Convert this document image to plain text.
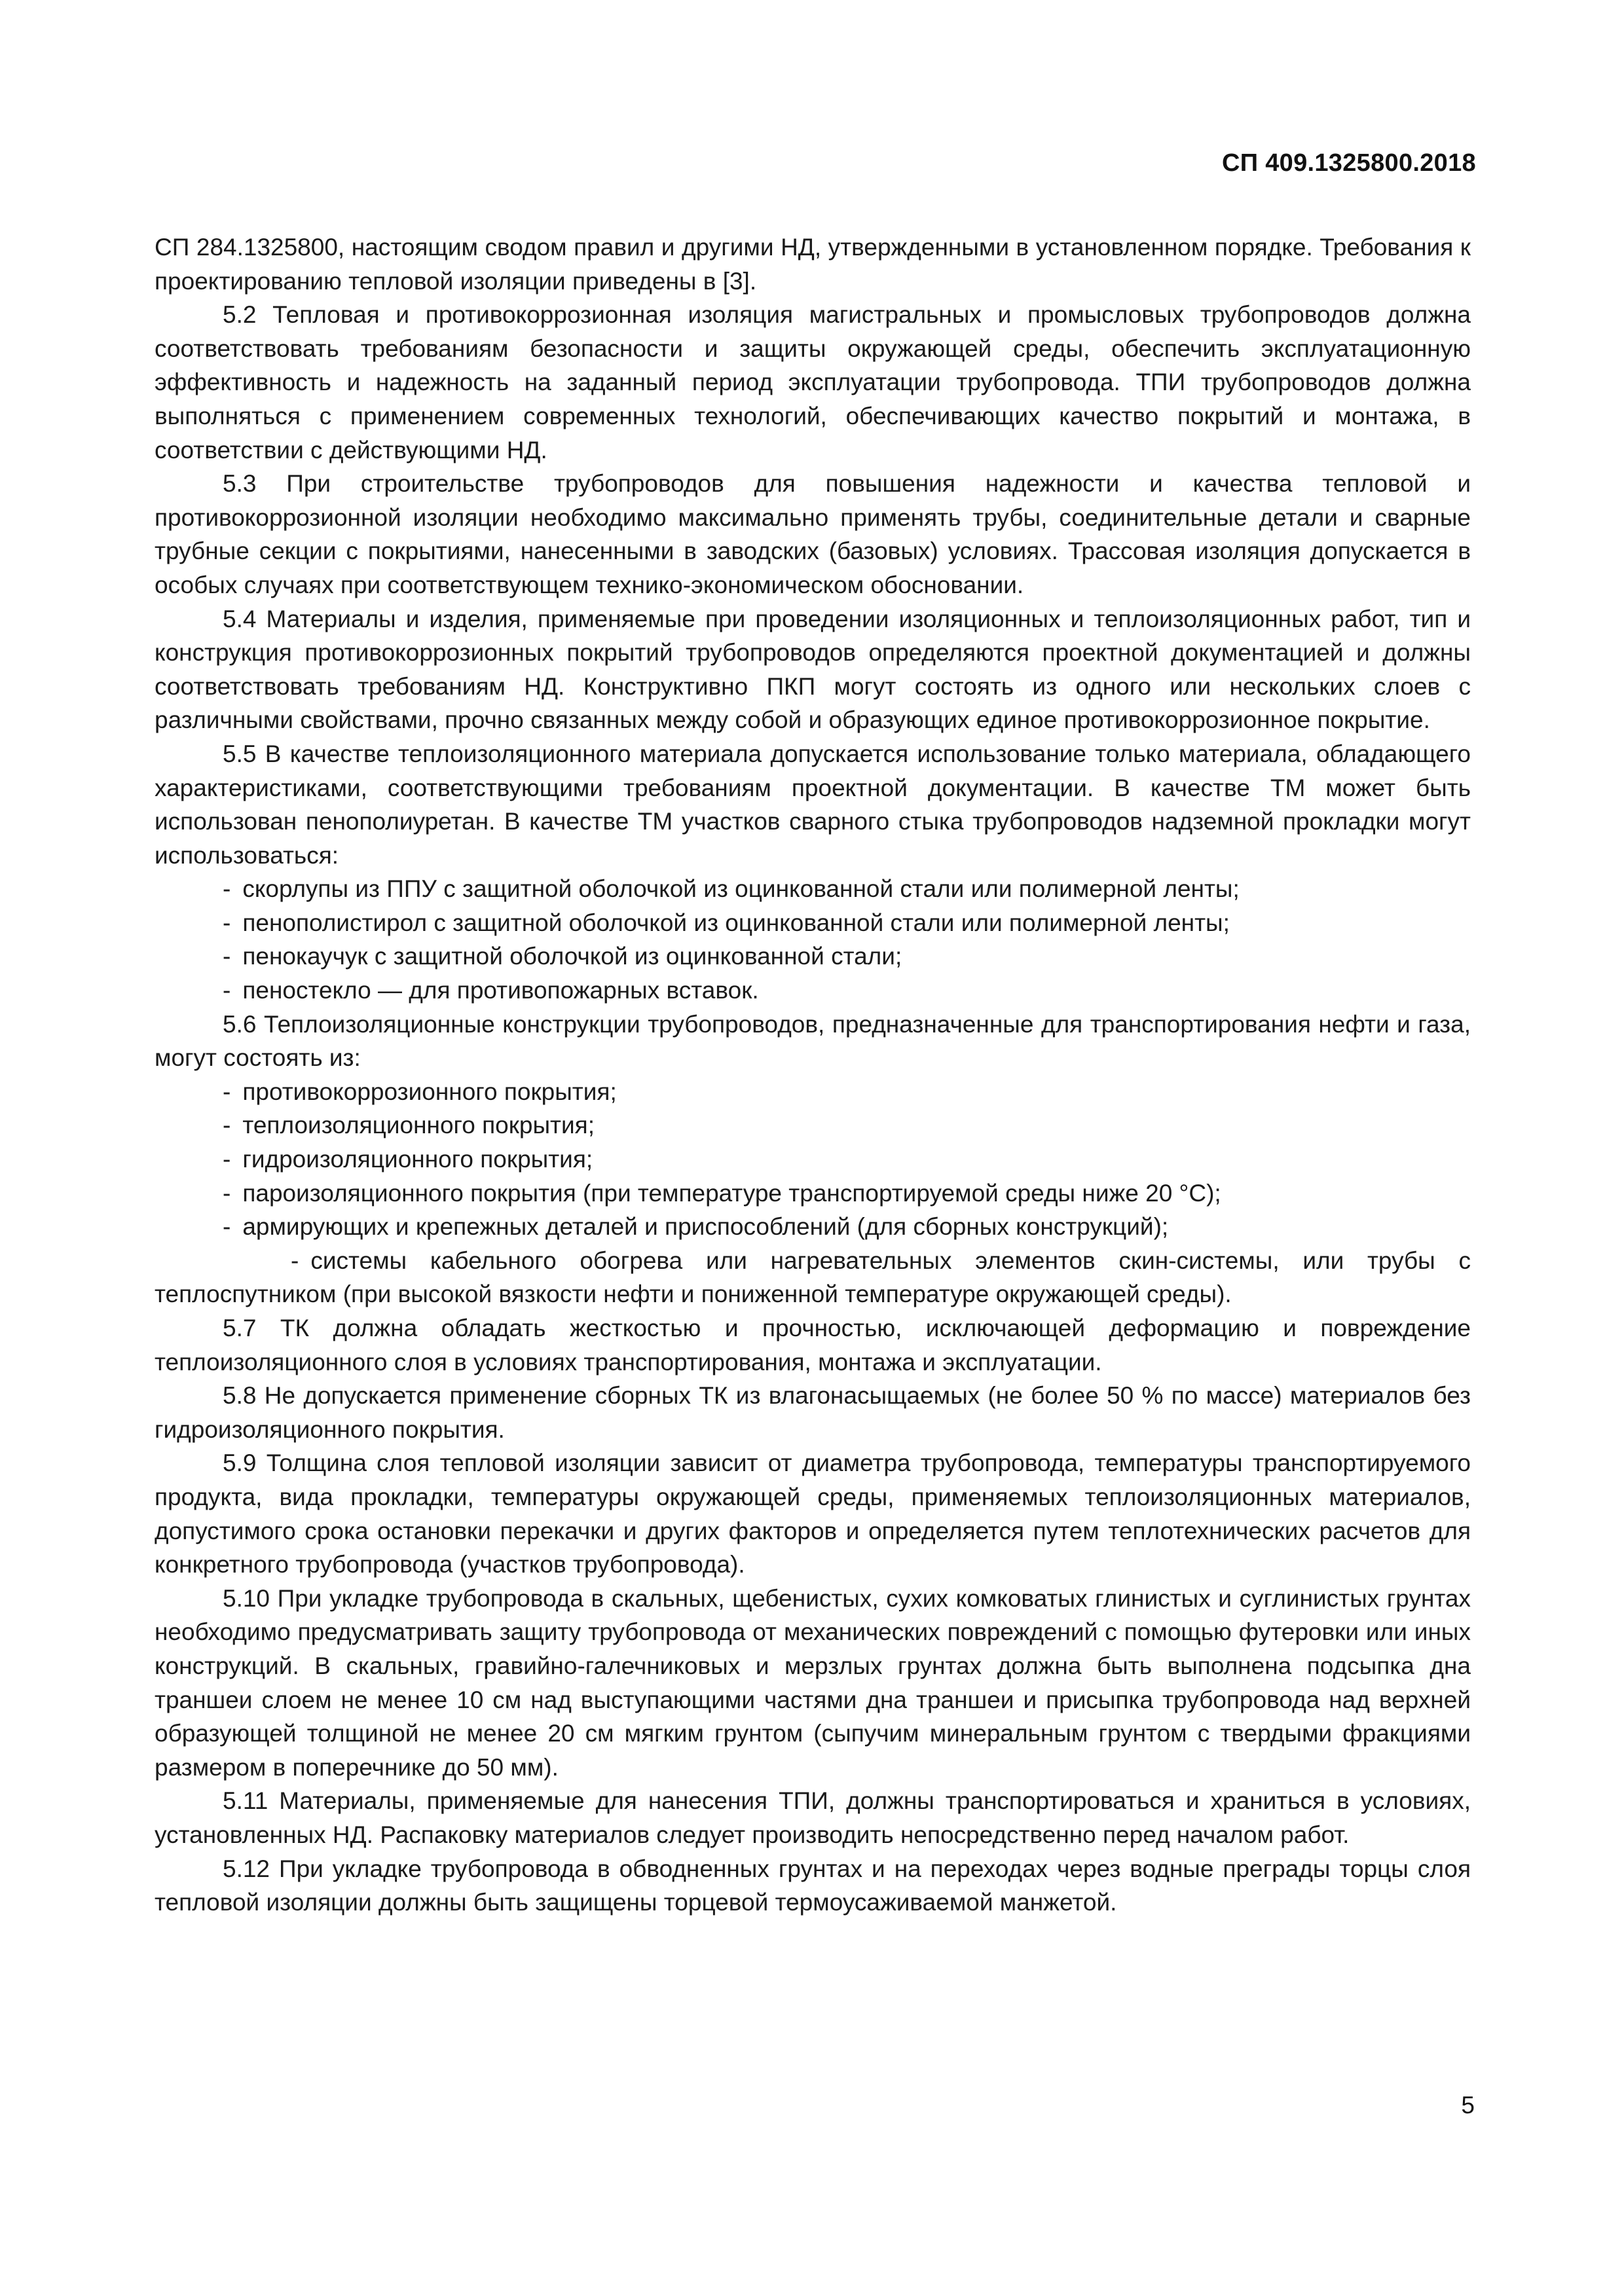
СП 409.1325800.2018

СП 284.1325800, настоящим сводом правил и другими НД, утвержденными в установленном порядке. Требования к проектированию тепловой изоляции приведены в [3].

5.2 Тепловая и противокоррозионная изоляция магистральных и промысловых трубопроводов должна соответствовать требованиям безопасности и защиты окружающей среды, обеспечить эксплуатационную эффективность и надежность на заданный период эксплуатации трубопровода. ТПИ трубопроводов должна выполняться с применением современных технологий, обеспечивающих качество покрытий и монтажа, в соответствии с действующими НД.

5.3 При строительстве трубопроводов для повышения надежности и качества тепловой и противокоррозионной изоляции необходимо максимально применять трубы, соединительные детали и сварные трубные секции с покрытиями, нанесенными в заводских (базовых) условиях. Трассовая изоляция допускается в особых случаях при соответствующем технико-экономическом обосновании.

5.4 Материалы и изделия, применяемые при проведении изоляционных и теплоизоляционных работ, тип и конструкция противокоррозионных покрытий трубопроводов определяются проектной документацией и должны соответствовать требованиям НД. Конструктивно ПКП могут состоять из одного или нескольких слоев с различными свойствами, прочно связанных между собой и образующих единое противокоррозионное покрытие.

5.5 В качестве теплоизоляционного материала допускается использование только материала, обладающего характеристиками, соответствующими требованиям проектной документации. В качестве ТМ может быть использован пенополиуретан. В качестве ТМ участков сварного стыка трубопроводов надземной прокладки могут использоваться:

- скорлупы из ППУ с защитной оболочкой из оцинкованной стали или полимерной ленты;

- пенополистирол с защитной оболочкой из оцинкованной стали или полимерной ленты;

- пенокаучук с защитной оболочкой из оцинкованной стали;

- пеностекло — для противопожарных вставок.

5.6 Теплоизоляционные конструкции трубопроводов, предназначенные для транспортирования нефти и газа, могут состоять из:

- противокоррозионного покрытия;

- теплоизоляционного покрытия;

- гидроизоляционного покрытия;

- пароизоляционного покрытия (при температуре транспортируемой среды ниже 20 °С);

- армирующих и крепежных деталей и приспособлений (для сборных конструкций);

- системы кабельного обогрева или нагревательных элементов скин-системы, или трубы с теплоспутником (при высокой вязкости нефти и пониженной температуре окружающей среды).

5.7 ТК должна обладать жесткостью и прочностью, исключающей деформацию и повреждение теплоизоляционного слоя в условиях транспортирования, монтажа и эксплуатации.

5.8 Не допускается применение сборных ТК из влагонасыщаемых (не более 50 % по массе) материалов без гидроизоляционного покрытия.

5.9 Толщина слоя тепловой изоляции зависит от диаметра трубопровода, температуры транспортируемого продукта, вида прокладки, температуры окружающей среды, применяемых теплоизоляционных материалов, допустимого срока остановки перекачки и других факторов и определяется путем теплотехнических расчетов для конкретного трубопровода (участков трубопровода).

5.10 При укладке трубопровода в скальных, щебенистых, сухих комковатых глинистых и суглинистых грунтах необходимо предусматривать защиту трубопровода от механических повреждений с помощью футеровки или иных конструкций. В скальных, гравийно-галечниковых и мерзлых грунтах должна быть выполнена подсыпка дна траншеи слоем не менее 10 см над выступающими частями дна траншеи и присыпка трубопровода над верхней образующей толщиной не менее 20 см мягким грунтом (сыпучим минеральным грунтом с твердыми фракциями размером в поперечнике до 50 мм).

5.11 Материалы, применяемые для нанесения ТПИ, должны транспортироваться и храниться в условиях, установленных НД. Распаковку материалов следует производить непосредственно перед началом работ.

5.12 При укладке трубопровода в обводненных грунтах и на переходах через водные преграды торцы слоя тепловой изоляции должны быть защищены торцевой термоусаживаемой манжетой.

5
